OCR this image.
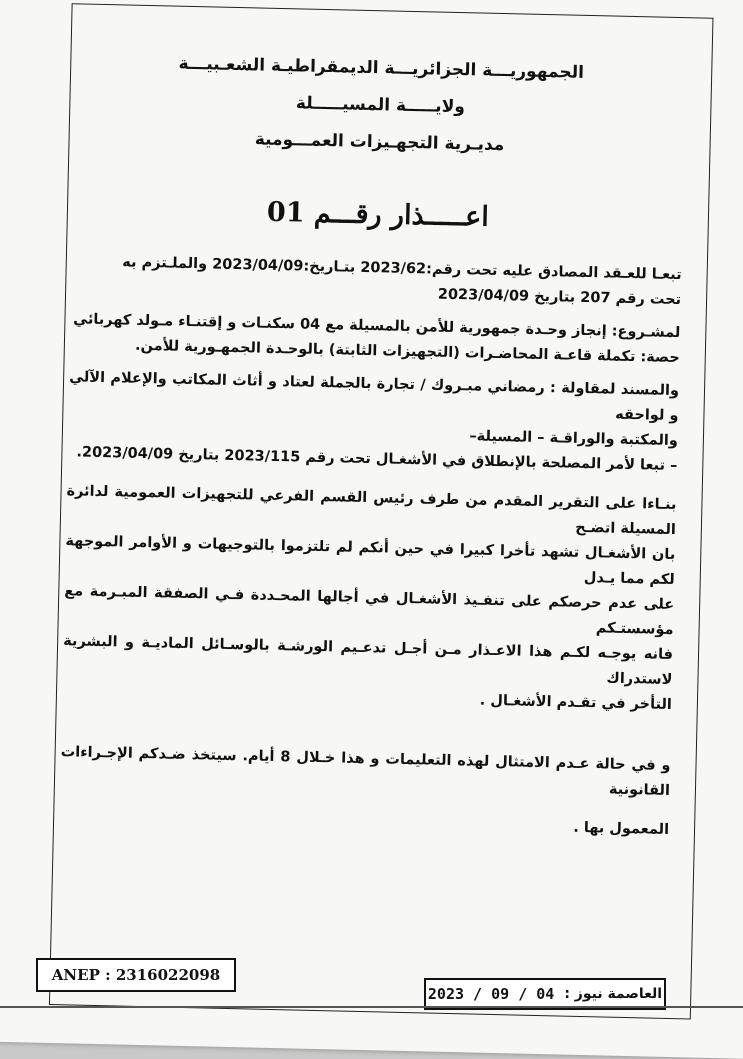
الجمهوريـــة الجزائريـــة الديمقراطيـة الشعـبيـــة
ولايـــــة المسيـــــلة
مديـرية التجهـيزات العمـــومية
اعـــــذار رقـــم 01

تبعـا للعـقد المصادق عليه تحت رقم:2023/62 بتـاريخ:2023/04/09 والملـتزم به

تحت رقم 207 بتاريخ 2023/04/09

لمشـروع: إنجاز وحـدة جمهورية للأمن بالمسيلة مع 04 سكنـات و إقتنـاء مـولد كهربائي

حصة: تكملة قاعـة المحاضـرات (التجهيزات الثابتة) بالوحـدة الجمهـورية للأمن.

والمسند لمقاولة : رمضاني مبـروك / تجارة بالجملة لعتاد و أثاث المكاتب والإعلام الآلي و لواحقه

والمكتبة والوراقـة – المسيلة–

– تبعا لأمر المصلحة بالإنطلاق في الأشغـال تحت رقم 2023/115 بتاريخ 2023/04/09.

بنـاءا على التقرير المقدم من طرف رئيس القسم الفرعي للتجهيزات العمومية لدائرة المسيلة اتضـح

بان الأشغـال تشهد تأخرا كبيرا في حين أنكم لم تلتزموا بالتوجيهات و الأوامر الموجهة لكم مما يـدل

على عدم حرصكم على تنفـيذ الأشغـال في أجالها المحـددة فـي الصفقة المبـرمة مع مؤسستـكم

فانه يوجـه لكـم هذا الاعـذار مـن أجـل تدعـيم الورشـة بالوسـائل الماديـة و البشرية لاستدراك

التأخر في تقـدم الأشغـال .

و في حالة عـدم الامتثال لهذه التعليمات و هذا خـلال 8 أيام. سيتخذ ضـدكم الإجـراءات القانونية

المعمول بها .

ANEP : 2316022098
العاصمة نيوز :
2023 / 09 / 04
